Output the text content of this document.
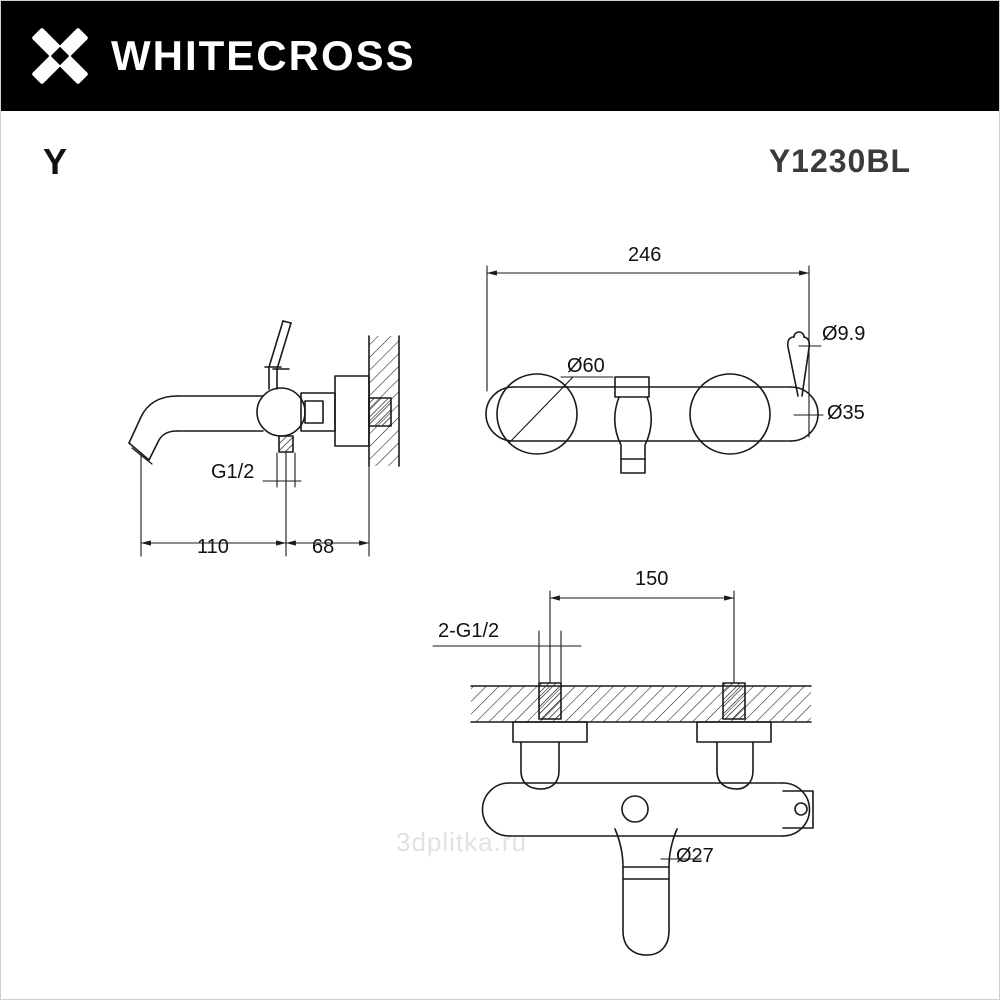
WHITECROSS
Y	Y1230BL
3dplitka.ru
110	68
G1/2
246
Ø60
Ø9.9
Ø35
150
2-G1/2
Ø27
